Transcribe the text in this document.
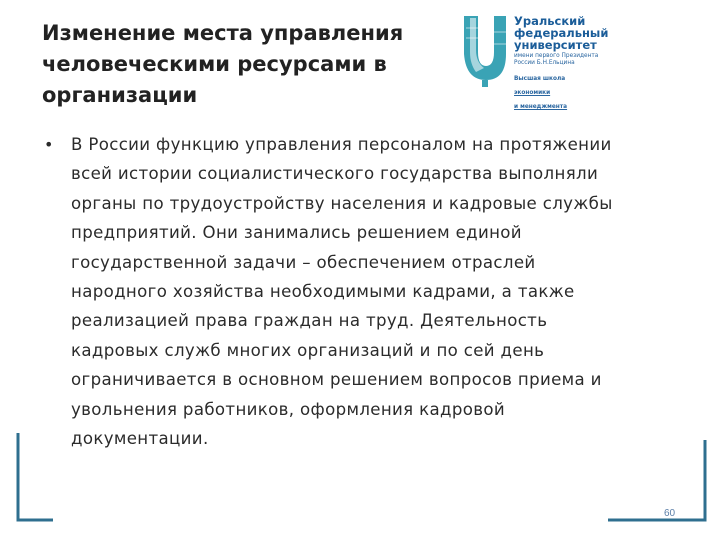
Изменение места управления
человеческими ресурсами в
организации
Уральский
федеральный
университет
имени первого Президента
России Б.Н.Ельцина

Высшая школа

экономики

и менеджмента

• В России функцию управления персоналом на протяжении
всей истории социалистического государства выполняли
органы по трудоустройству населения и кадровые службы
предприятий. Они занимались решением единой
государственной задачи – обеспечением отраслей
народного хозяйства необходимыми кадрами, а также
реализацией права граждан на труд. Деятельность
кадровых служб многих организаций и по сей день
ограничивается в основном решением вопросов приема и
увольнения работников, оформления кадровой
документации.
60
